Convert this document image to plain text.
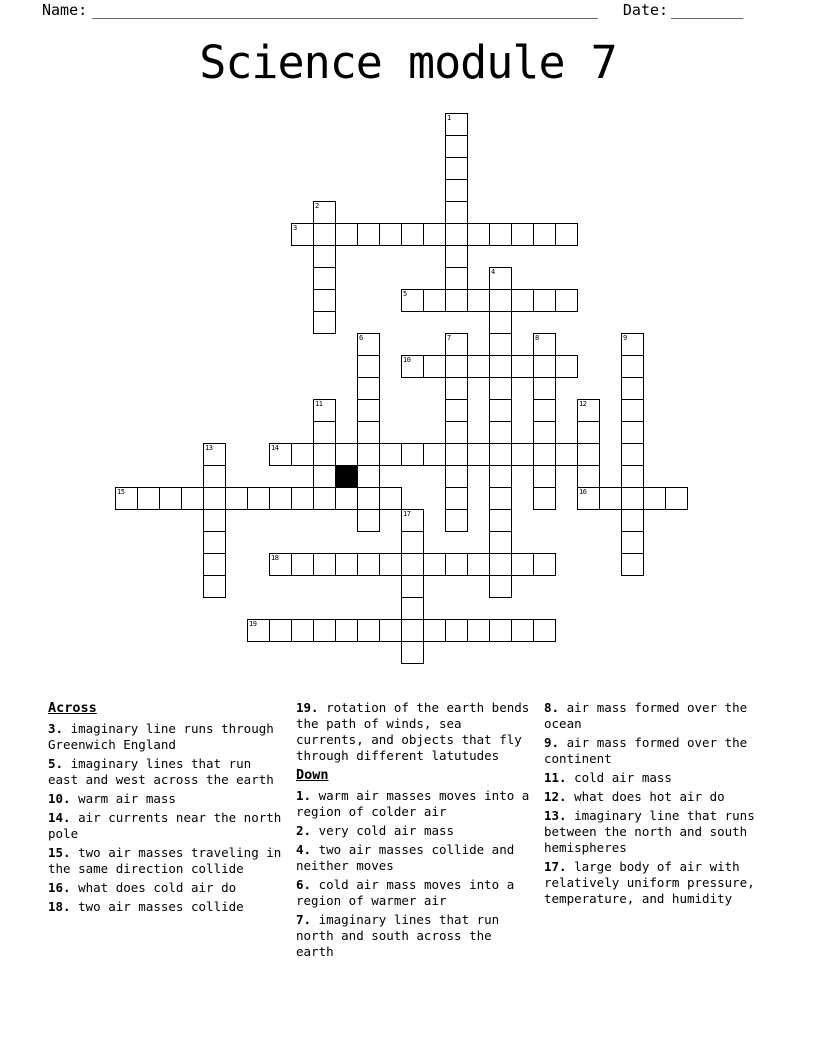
Name: ________________________________________________________ Date: ________
Science module 7
1
2
3
4
5
6	7	8	9
10
11	12
16
13	14
15
17
18
19
Across
3. imaginary line runs through Greenwich England
5. imaginary lines that run east and west across the earth
10. warm air mass
14. air currents near the north pole
15. two air masses traveling in the same direction collide
16. what does cold air do
18. two air masses collide
19. rotation of the earth bends the path of winds, sea currents, and objects that fly through different latutudes
Down
1. warm air masses moves into a region of colder air
2. very cold air mass
4. two air masses collide and neither moves
6. cold air mass moves into a region of warmer air
7. imaginary lines that run north and south across the earth
8. air mass formed over the ocean
9. air mass formed over the continent
11. cold air mass
12. what does hot air do
13. imaginary line that runs between the north and south hemispheres
17. large body of air with relatively uniform pressure, temperature, and humidity
